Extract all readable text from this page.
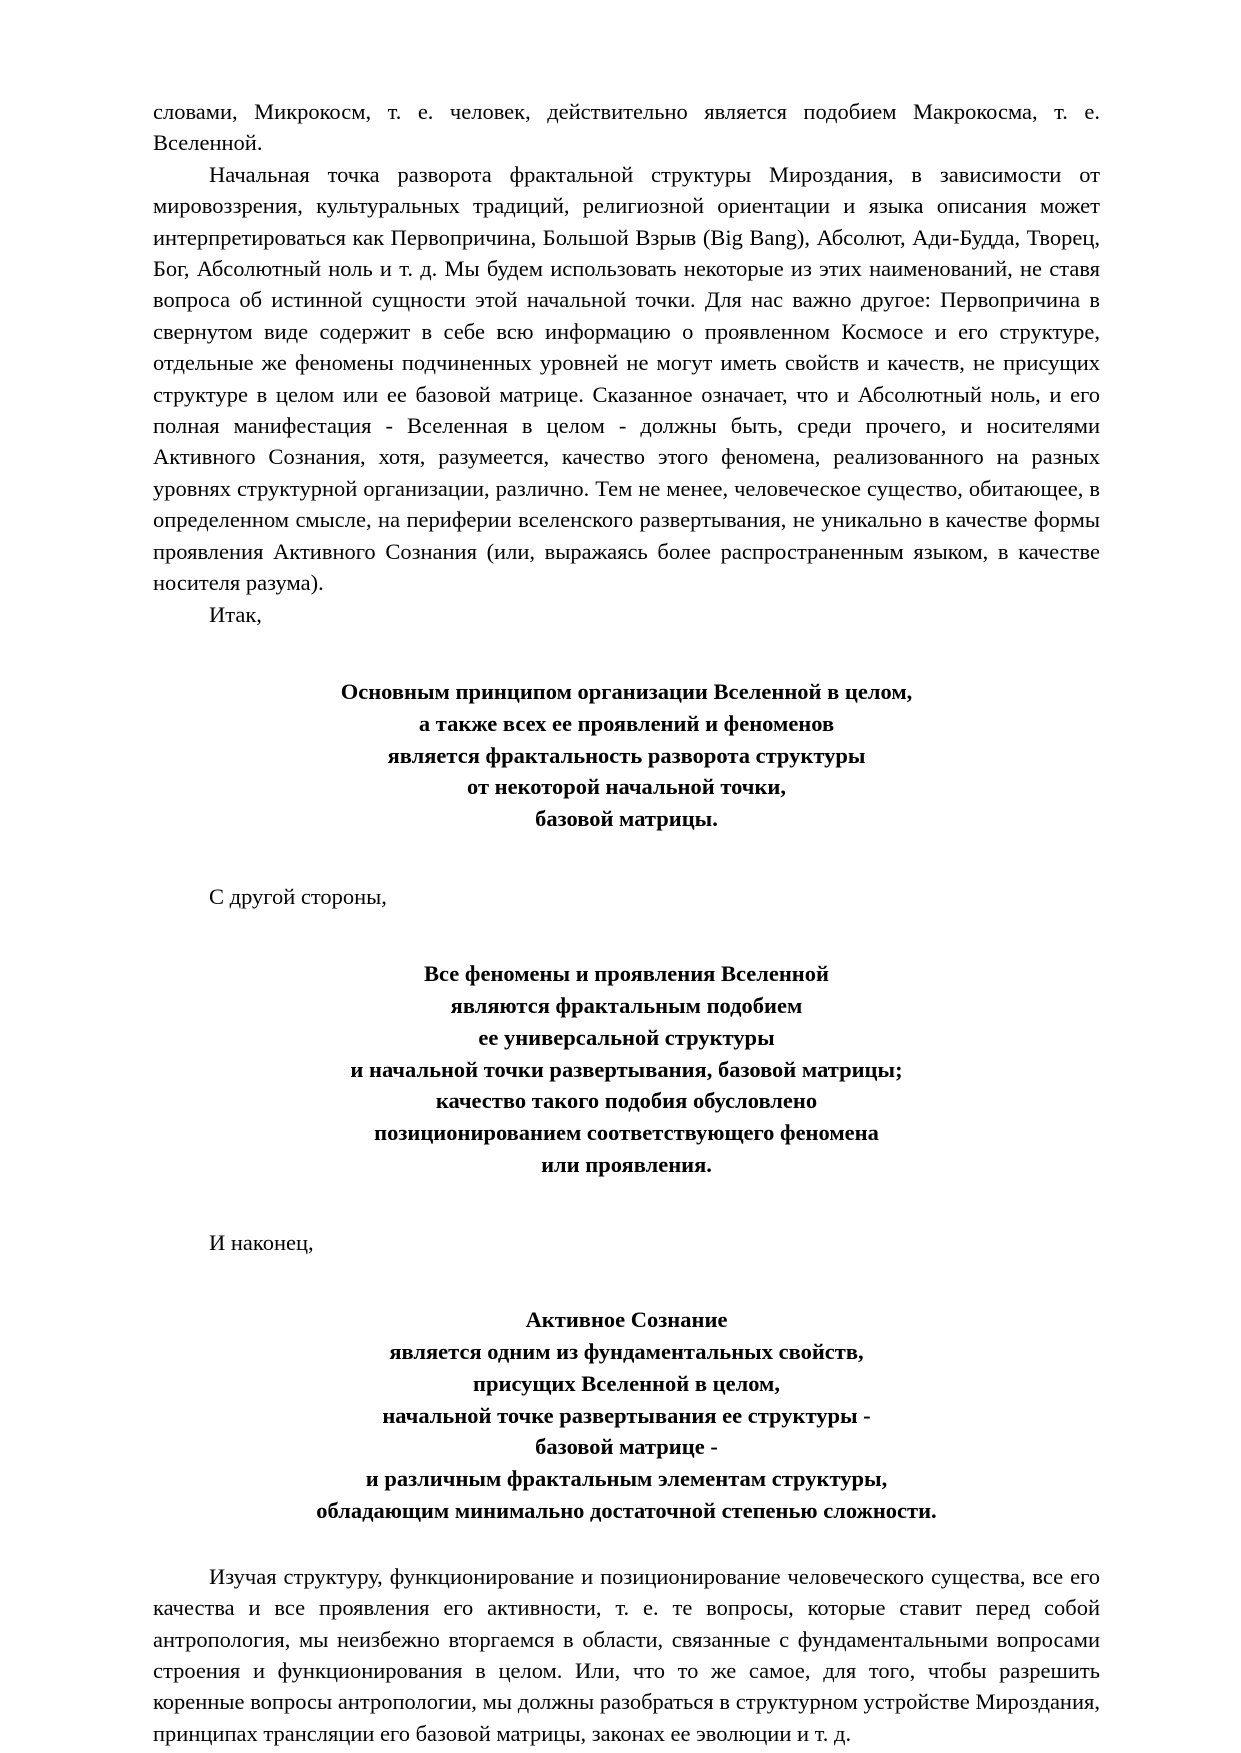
словами, Микрокосм, т. е. человек, действительно является подобием Макрокосма, т. е. Вселенной.

Начальная точка разворота фрактальной структуры Мироздания, в зависимости от мировоззрения, культуральных традиций, религиозной ориентации и языка описания может интерпретироваться как Первопричина, Большой Взрыв (Big Bang), Абсолют, Ади-Будда, Творец, Бог, Абсолютный ноль и т. д. Мы будем использовать некоторые из этих наименований, не ставя вопроса об истинной сущности этой начальной точки. Для нас важно другое: Первопричина в свернутом виде содержит в себе всю информацию о проявленном Космосе и его структуре, отдельные же феномены подчиненных уровней не могут иметь свойств и качеств, не присущих структуре в целом или ее базовой матрице. Сказанное означает, что и Абсолютный ноль, и его полная манифестация - Вселенная в целом - должны быть, среди прочего, и носителями Активного Сознания, хотя, разумеется, качество этого феномена, реализованного на разных уровнях структурной организации, различно. Тем не менее, человеческое существо, обитающее, в определенном смысле, на периферии вселенского развертывания, не уникально в качестве формы проявления Активного Сознания (или, выражаясь более распространенным языком, в качестве носителя разума).

Итак,
Основным принципом организации Вселенной в целом,
а также всех ее проявлений и феноменов
является фрактальность разворота структуры
от некоторой начальной точки,
базовой матрицы.
С другой стороны,
Все феномены и проявления Вселенной
являются фрактальным подобием
ее универсальной структуры
и начальной точки развертывания, базовой матрицы;
качество такого подобия обусловлено
позиционированием соответствующего феномена
или проявления.
И наконец,
Активное Сознание
является одним из фундаментальных свойств,
присущих Вселенной в целом,
начальной точке развертывания ее структуры -
базовой матрице -
и различным фрактальным элементам структуры,
обладающим минимально достаточной степенью сложности.

Изучая структуру, функционирование и позиционирование человеческого существа, все его качества и все проявления его активности, т. е. те вопросы, которые ставит перед собой антропология, мы неизбежно вторгаемся в области, связанные с фундаментальными вопросами строения и функционирования в целом. Или, что то же самое, для того, чтобы разрешить коренные вопросы антропологии, мы должны разобраться в структурном устройстве Мироздания, принципах трансляции его базовой матрицы, законах ее эволюции и т. д.
